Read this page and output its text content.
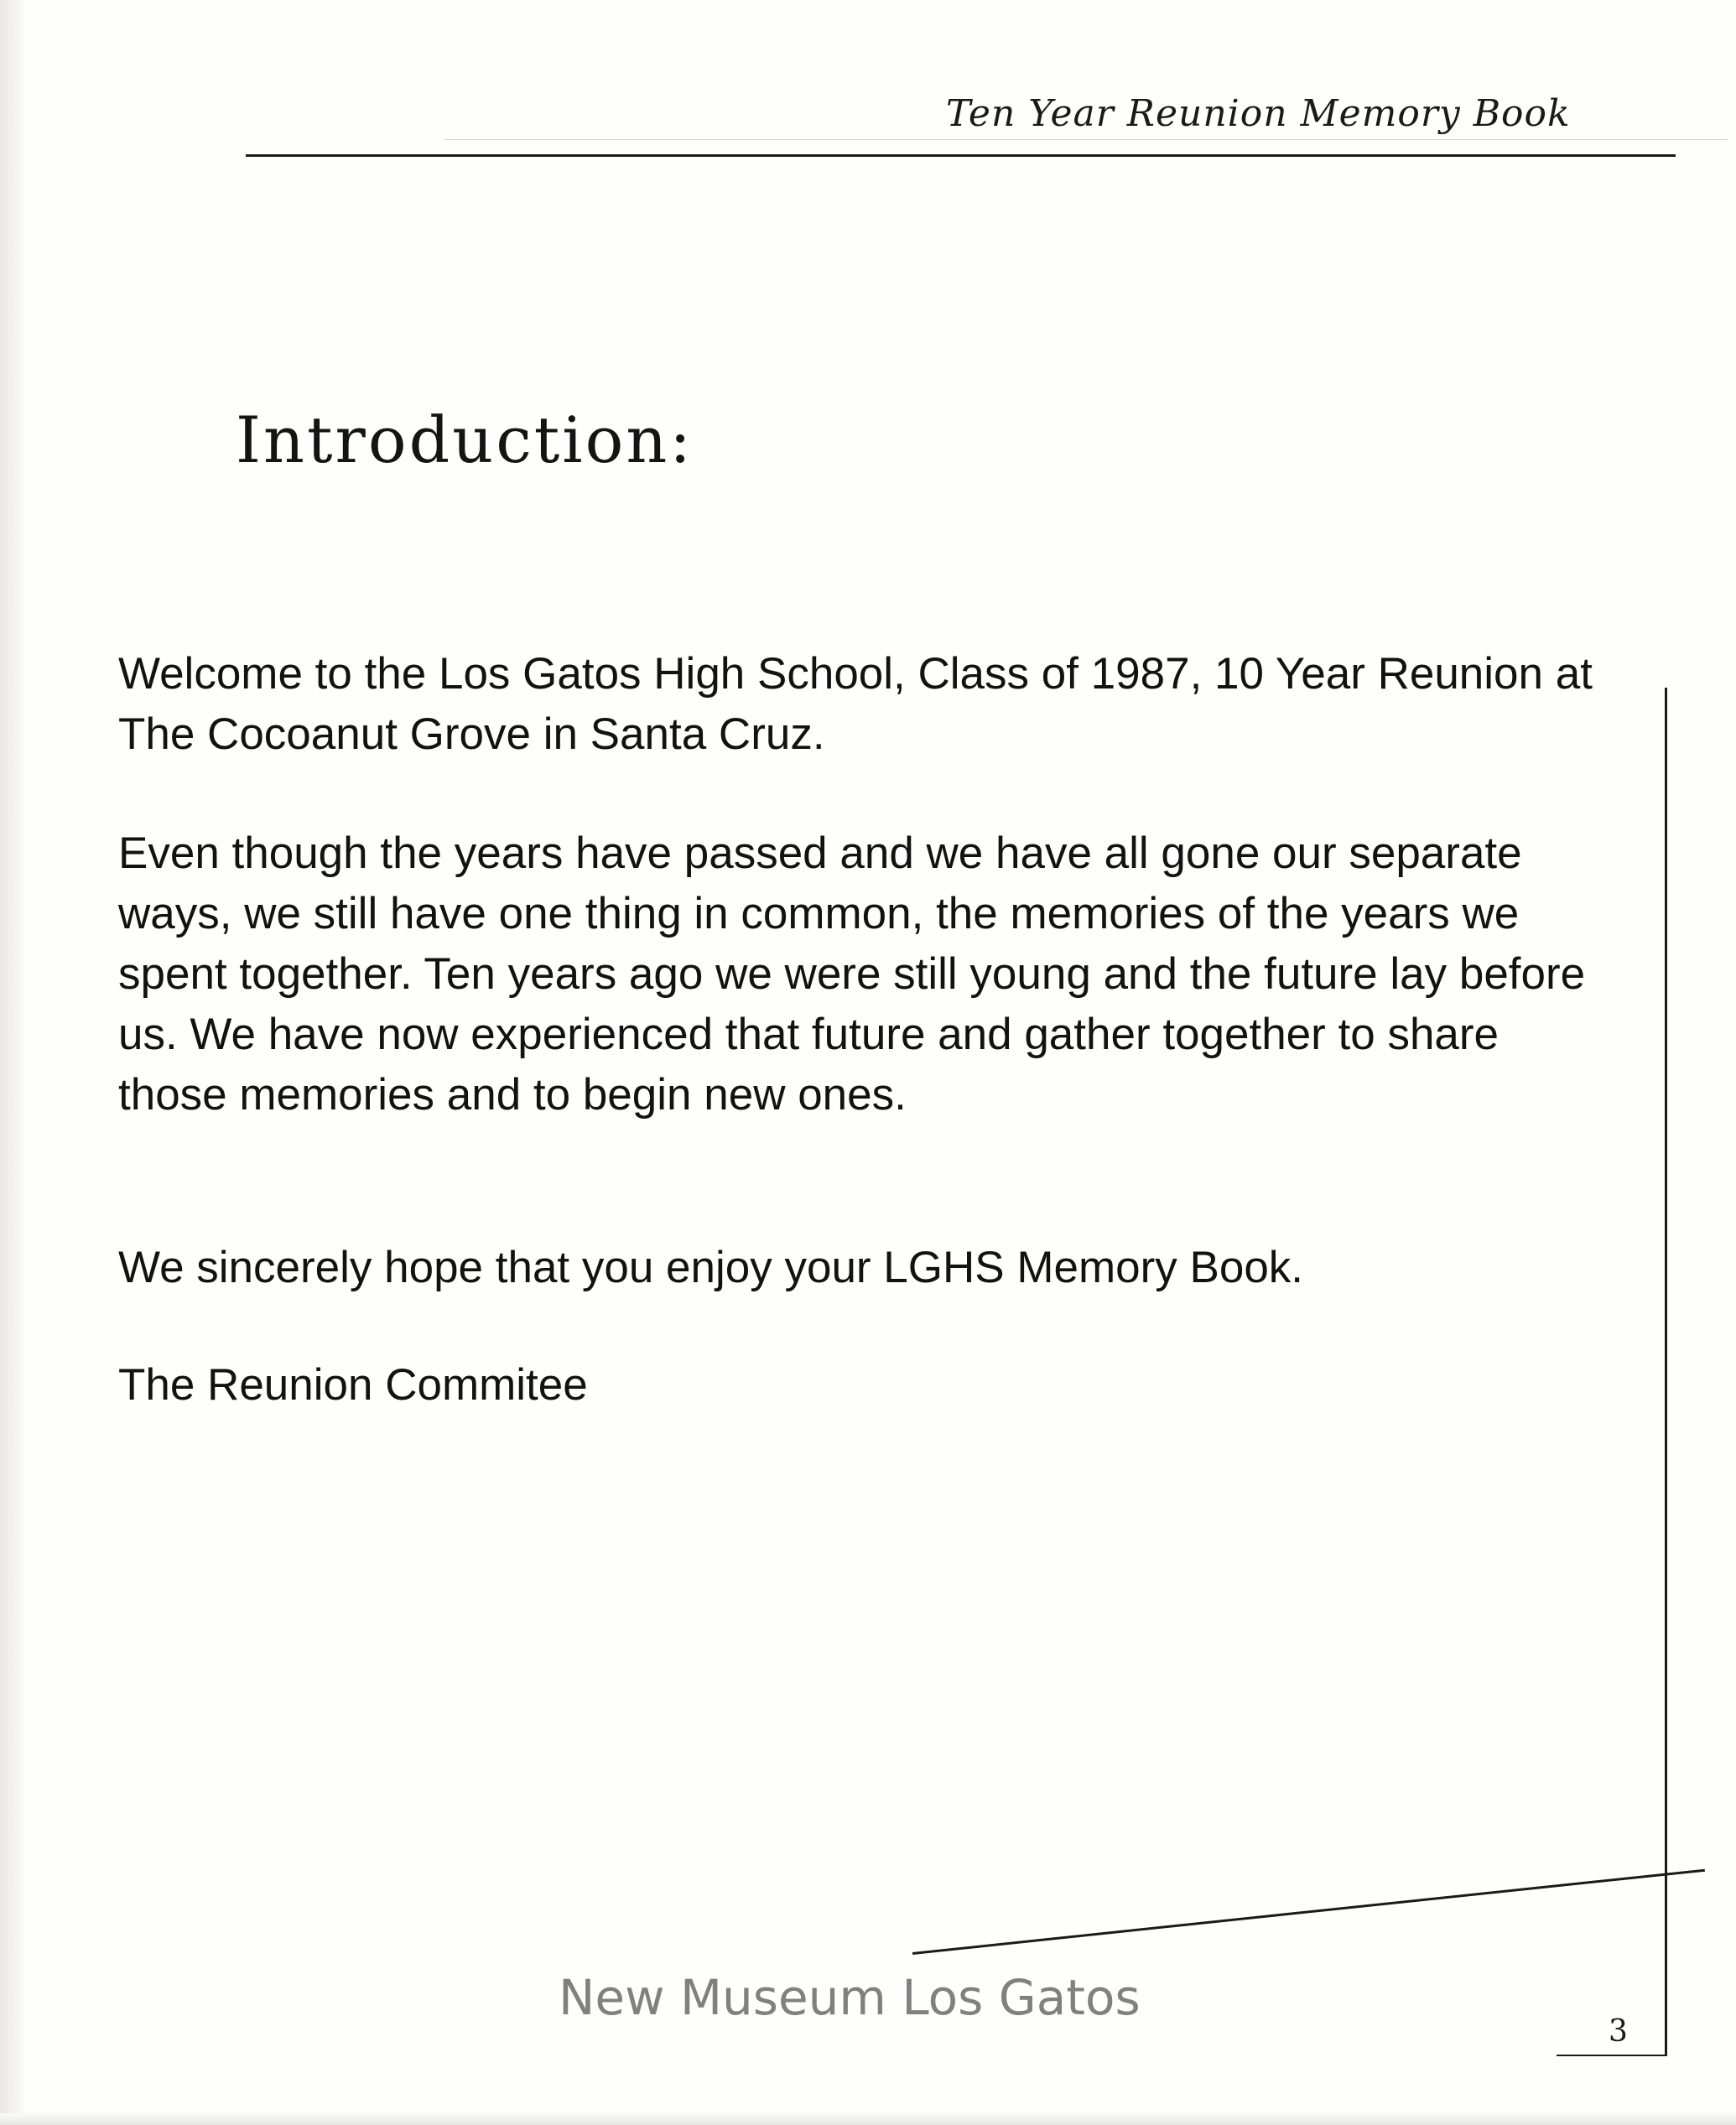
Ten Year Reunion Memory Book
Introduction:
Welcome to the Los Gatos High School, Class of 1987, 10 Year Reunion at The Cocoanut Grove in Santa Cruz.
Even though the years have passed and we have all gone our separate ways, we still have one thing in common, the memories of the years we spent together. Ten years ago we were still young and the future lay before us. We have now experienced that future and gather together to share those memories and to begin new ones.
We sincerely hope that you enjoy your LGHS Memory Book.
The Reunion Commitee
3
New Museum Los Gatos
